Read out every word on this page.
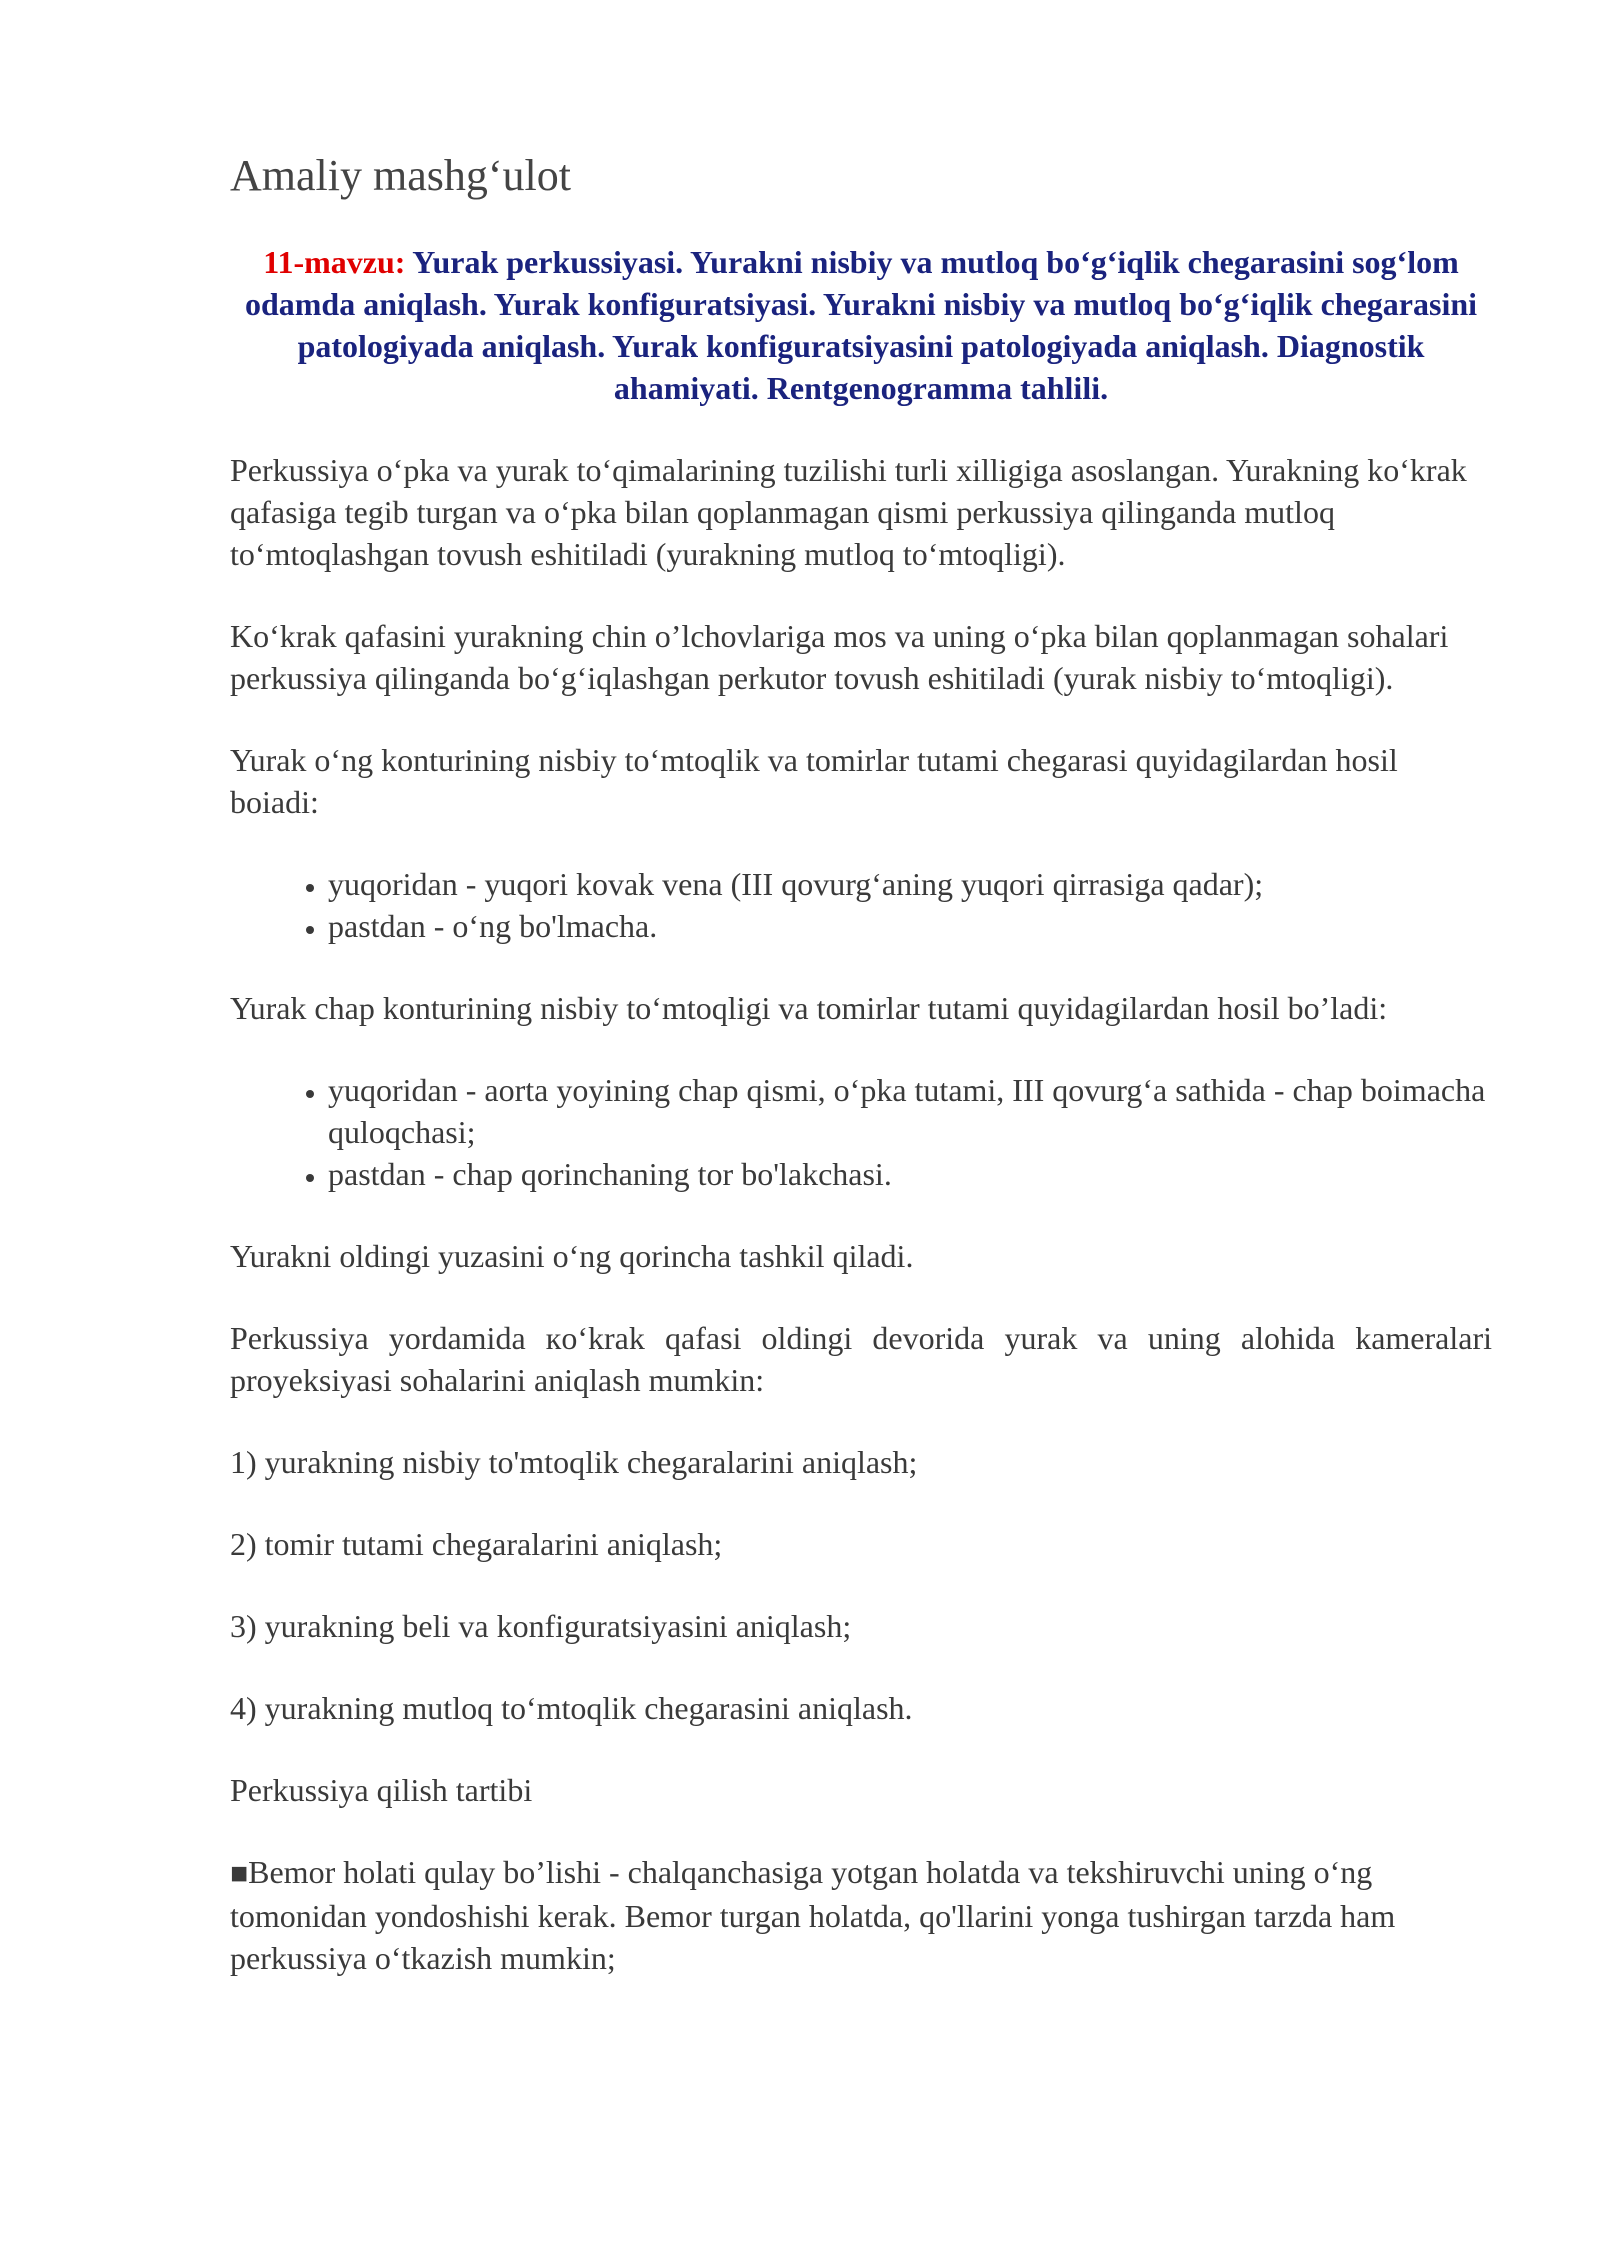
Amaliy mashg‘ulot
11-mavzu: Yurak perkussiyasi. Yurakni nisbiy va mutloq bo‘g‘iqlik chegarasini sog‘lom odamda aniqlash. Yurak konfiguratsiyasi. Yurakni nisbiy va mutloq bo‘g‘iqlik chegarasini patologiyada aniqlash. Yurak konfiguratsiyasini patologiyada aniqlash. Diagnostik ahamiyati. Rentgenogramma tahlili.

Perkussiya o‘pka va yurak to‘qimalarining tuzilishi turli xilligiga asoslangan. Yurakning ko‘krak qafasiga tegib turgan va o‘pka bilan qoplanmagan qismi perkussiya qilinganda mutloq to‘mtoqlashgan tovush eshitiladi (yurakning mutloq to‘mtoqligi).

Ko‘krak qafasini yurakning chin o’lchovlariga mos va uning o‘pka bilan qoplanmagan sohalari perkussiya qilinganda bo‘g‘iqlashgan perkutor tovush eshitiladi (yurak nisbiy to‘mtoqligi).

Yurak o‘ng konturining nisbiy to‘mtoqlik va tomirlar tutami chegarasi quyidagilardan hosil boiadi:

• yuqoridan - yuqori kovak vena (III qovurg‘aning yuqori qirrasiga qadar);
• pastdan - o‘ng bo'lmacha.

Yurak chap konturining nisbiy to‘mtoqligi va tomirlar tutami quyidagilardan hosil bo’ladi:

• yuqoridan - aorta yoyining chap qismi, o‘pka tutami, III qovurg‘a sathida - chap boimacha quloqchasi;
• pastdan - chap qorinchaning tor bo'lakchasi.

Yurakni oldingi yuzasini o‘ng qorincha tashkil qiladi.

Perkussiya yordamida кo‘krak qafasi oldingi devorida yurak va uning alohida kameralari proyeksiyasi sohalarini aniqlash mumkin:

1) yurakning nisbiy to'mtoqlik chegaralarini aniqlash;

2) tomir tutami chegaralarini aniqlash;

3) yurakning beli va konfiguratsiyasini aniqlash;

4) yurakning mutloq to‘mtoqlik chegarasini aniqlash.

Perkussiya qilish tartibi

■Bemor holati qulay bo’lishi - chalqanchasiga yotgan holatda va tekshiruvchi uning o‘ng tomonidan yondoshishi kerak. Bemor turgan holatda, qo'llarini yonga tushirgan tarzda ham perkussiya o‘tkazish mumkin;
